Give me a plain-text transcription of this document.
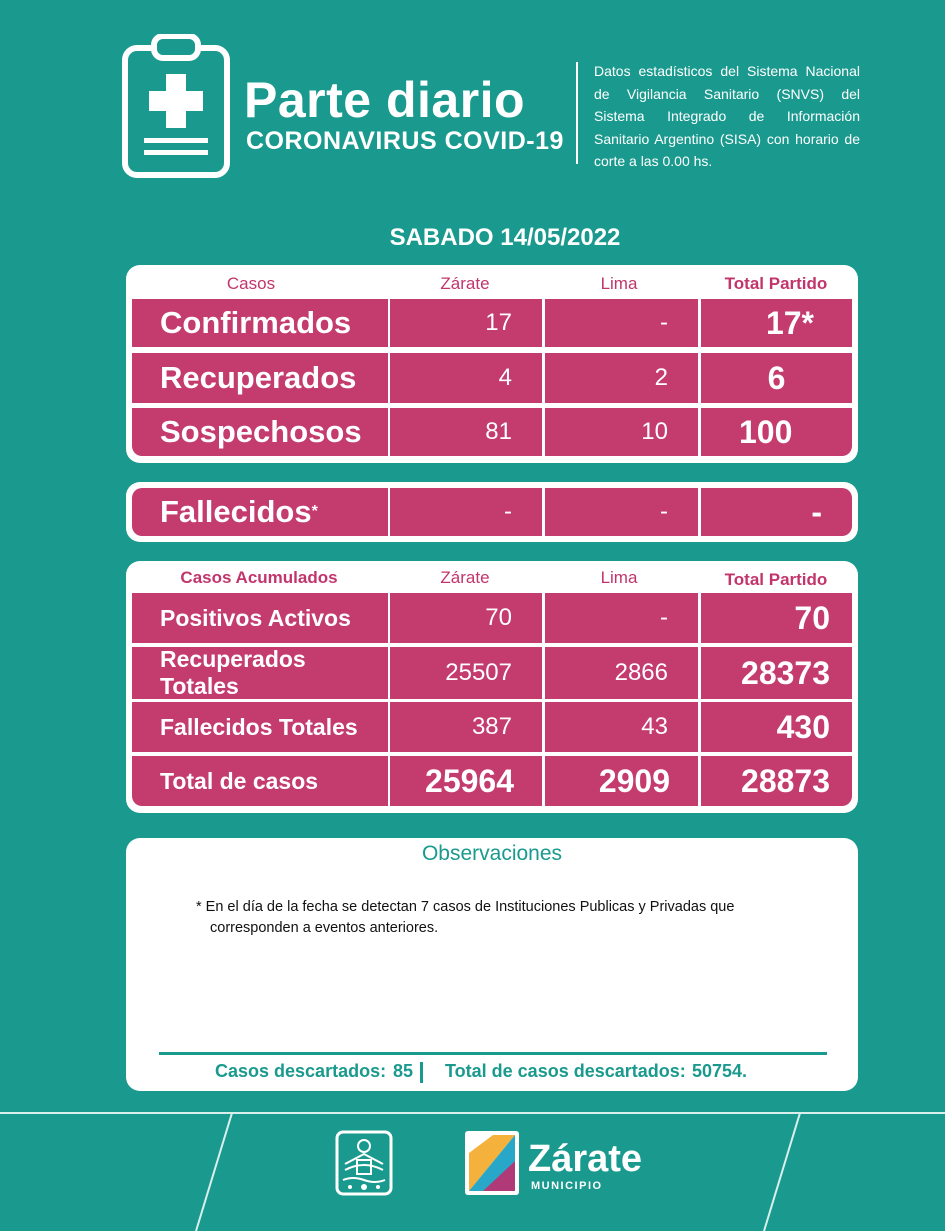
Parte diario
CORONAVIRUS COVID-19
Datos estadísticos del Sistema Nacional de Vigilancia Sanitario (SNVS) del Sistema Integrado de Información Sanitario Argentino (SISA) con horario de corte a las 0.00 hs.
SABADO 14/05/2022
Casos	Zárate	Lima	Total Partido
Confirmados	17	-	17*
Recuperados	4	2	6
Sospechosos	81	10	100
Fallecidos *	-	-	-
Casos Acumulados	Zárate	Lima	Total Partido
Positivos Activos	70	-	70
Recuperados Totales	25507	2866	28373
Fallecidos Totales	387	43	430
Total de casos	25964	2909	28873
Observaciones
* En el día de la fecha se detectan 7 casos de Instituciones Publicas y Privadas que
corresponden a eventos anteriores.
Casos descartados: 85 Total de casos descartados: 50754.
Zárate
MUNICIPIO
